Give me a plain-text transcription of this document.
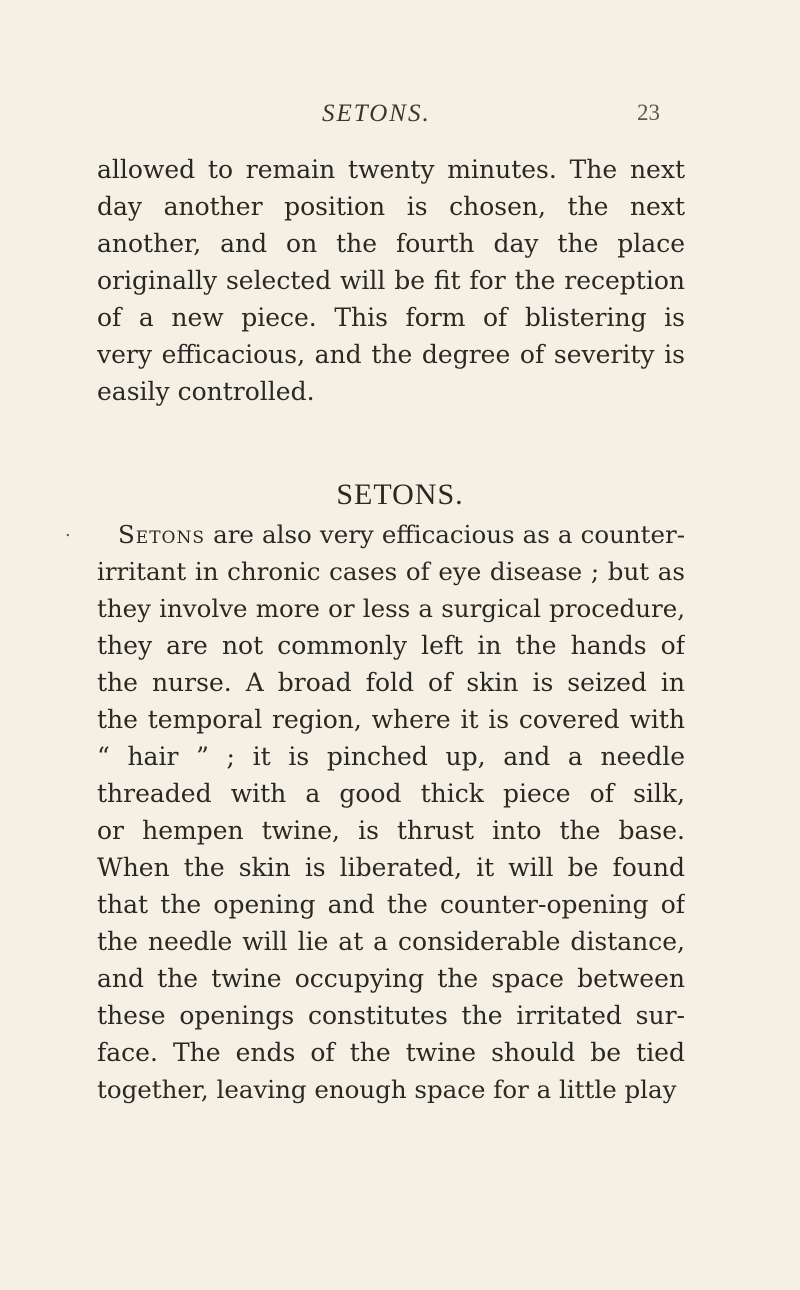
SETONS.	23
allowed to remain twenty minutes. The next
day another position is chosen, the next
another, and on the fourth day the place
originally selected will be fit for the reception
of a new piece. This form of blistering is
very efficacious, and the degree of severity is
easily controlled.
SETONS.
. Setons are also very efficacious as a counter-
irritant in chronic cases of eye disease ; but as
they involve more or less a surgical procedure,
they are not commonly left in the hands of
the nurse. A broad fold of skin is seized in
the temporal region, where it is covered with
“ hair ” ; it is pinched up, and a needle
threaded with a good thick piece of silk,
or hempen twine, is thrust into the base.
When the skin is liberated, it will be found
that the opening and the counter-opening of
the needle will lie at a considerable distance,
and the twine occupying the space between
these openings constitutes the irritated sur-
face. The ends of the twine should be tied
together, leaving enough space for a little play
